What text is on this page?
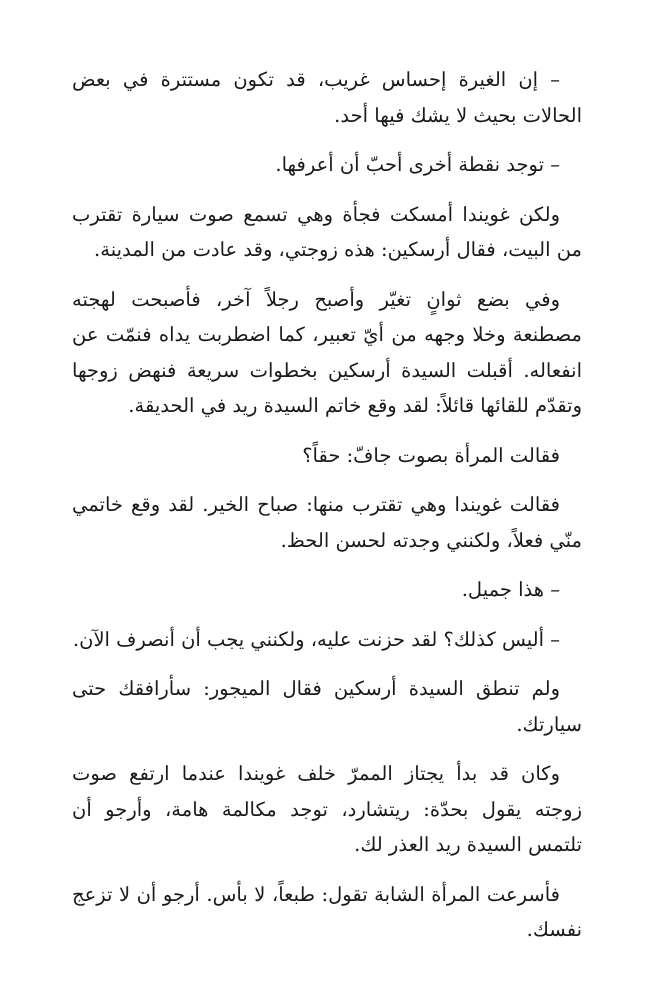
– إن الغيرة إحساس غريب، قد تكون مستترة في بعض الحالات بحيث لا يشك فيها أحد.

– توجد نقطة أخرى أحبّ أن أعرفها.

ولكن غويندا أمسكت فجأة وهي تسمع صوت سيارة تقترب من البيت، فقال أرسكين: هذه زوجتي، وقد عادت من المدينة.

وفي بضع ثوانٍ تغيّر وأصبح رجلاً آخر، فأصبحت لهجته مصطنعة وخلا وجهه من أيّ تعبير، كما اضطربت يداه فنمّت عن انفعاله. أقبلت السيدة أرسكين بخطوات سريعة فنهض زوجها وتقدّم للقائها قائلاً: لقد وقع خاتم السيدة ريد في الحديقة.

فقالت المرأة بصوت جافّ: حقاً؟

فقالت غويندا وهي تقترب منها: صباح الخير. لقد وقع خاتمي منّي فعلاً، ولكنني وجدته لحسن الحظ.

– هذا جميل.

– أليس كذلك؟ لقد حزنت عليه، ولكنني يجب أن أنصرف الآن.

ولم تنطق السيدة أرسكين فقال الميجور: سأرافقك حتى سيارتك.

وكان قد بدأ يجتاز الممرّ خلف غويندا عندما ارتفع صوت زوجته يقول بحدّة: ريتشارد، توجد مكالمة هامة، وأرجو أن تلتمس السيدة ريد العذر لك.

فأسرعت المرأة الشابة تقول: طبعاً، لا بأس. أرجو أن لا تزعج نفسك.
